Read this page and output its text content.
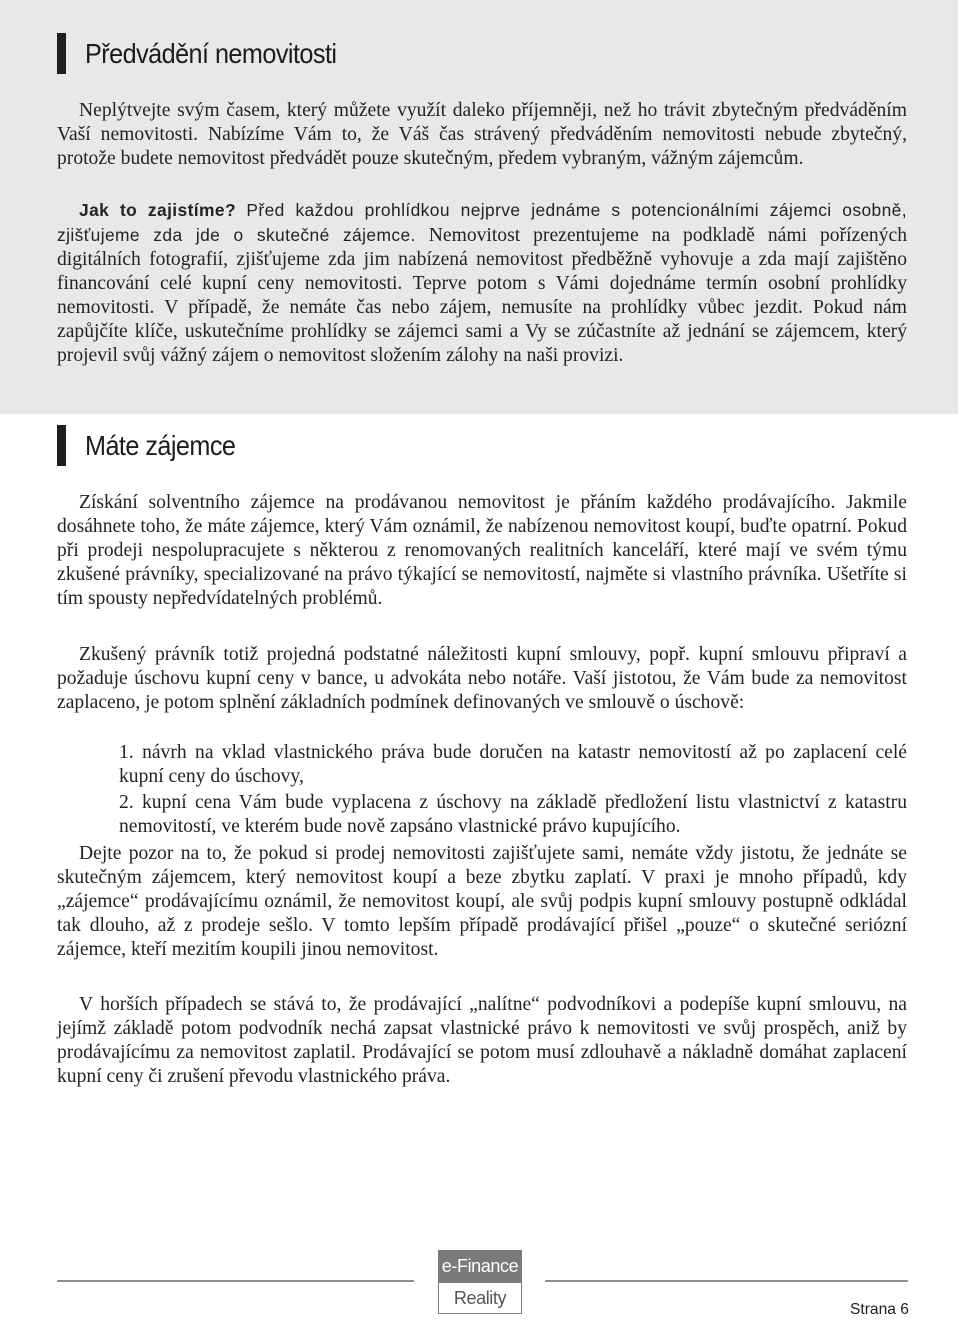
Předvádění nemovitosti
Neplýtvejte svým časem, který můžete využít daleko příjemněji, než ho trávit zbytečným předváděním Vaší nemovitosti. Nabízíme Vám to, že Váš čas strávený předváděním nemovitosti nebude zbytečný, protože budete nemovitost předvádět pouze skutečným, předem vybraným, vážným zájemcům.
Jak to zajistíme? Před každou prohlídkou nejprve jednáme s potencionálními zájemci osobně, zjišťujeme zda jde o skutečné zájemce. Nemovitost prezentujeme na podkladě námi pořízených digitálních fotografií, zjišťujeme zda jim nabízená nemovitost předběžně vyhovuje a zda mají zajištěno financování celé kupní ceny nemovitosti. Teprve potom s Vámi dojednáme termín osobní prohlídky nemovitosti. V případě, že nemáte čas nebo zájem, nemusíte na prohlídky vůbec jezdit. Pokud nám zapůjčíte klíče, uskutečníme prohlídky se zájemci sami a Vy se zúčastníte až jednání se zájemcem, který projevil svůj vážný zájem o nemovitost složením zálohy na naši provizi.
Máte zájemce
Získání solventního zájemce na prodávanou nemovitost je přáním každého prodávajícího. Jakmile dosáhnete toho, že máte zájemce, který Vám oznámil, že nabízenou nemovitost koupí, buďte opatrní. Pokud při prodeji nespolupracujete s některou z renomovaných realitních kanceláří, které mají ve svém týmu zkušené právníky, specializované na právo týkající se nemovitostí, najměte si vlastního právníka. Ušetříte si tím spousty nepředvídatelných problémů.
Zkušený právník totiž projedná podstatné náležitosti kupní smlouvy, popř. kupní smlouvu připraví a požaduje úschovu kupní ceny v bance, u advokáta nebo notáře. Vaší jistotou, že Vám bude za nemovitost zaplaceno, je potom splnění základních podmínek definovaných ve smlouvě o úschově:
1. návrh na vklad vlastnického práva bude doručen na katastr nemovitostí až po zaplacení celé kupní ceny do úschovy,
2. kupní cena Vám bude vyplacena z úschovy na základě předložení listu vlastnictví z katastru nemovitostí, ve kterém bude nově zapsáno vlastnické právo kupujícího.
Dejte pozor na to, že pokud si prodej nemovitosti zajišťujete sami, nemáte vždy jistotu, že jednáte se skutečným zájemcem, který nemovitost koupí a beze zbytku zaplatí. V praxi je mnoho případů, kdy „zájemce“ prodávajícímu oznámil, že nemovitost koupí, ale svůj podpis kupní smlouvy postupně odkládal tak dlouho, až z prodeje sešlo. V tomto lepším případě prodávající přišel „pouze“ o skutečné seriózní zájemce, kteří mezitím koupili jinou nemovitost.
V horších případech se stává to, že prodávající „nalítne“ podvodníkovi a podepíše kupní smlouvu, na jejímž základě potom podvodník nechá zapsat vlastnické právo k nemovitosti ve svůj prospěch, aniž by prodávajícímu za nemovitost zaplatil. Prodávající se potom musí zdlouhavě a nákladně domáhat zaplacení kupní ceny či zrušení převodu vlastnického práva.
e-Finance
Reality
Strana 6
